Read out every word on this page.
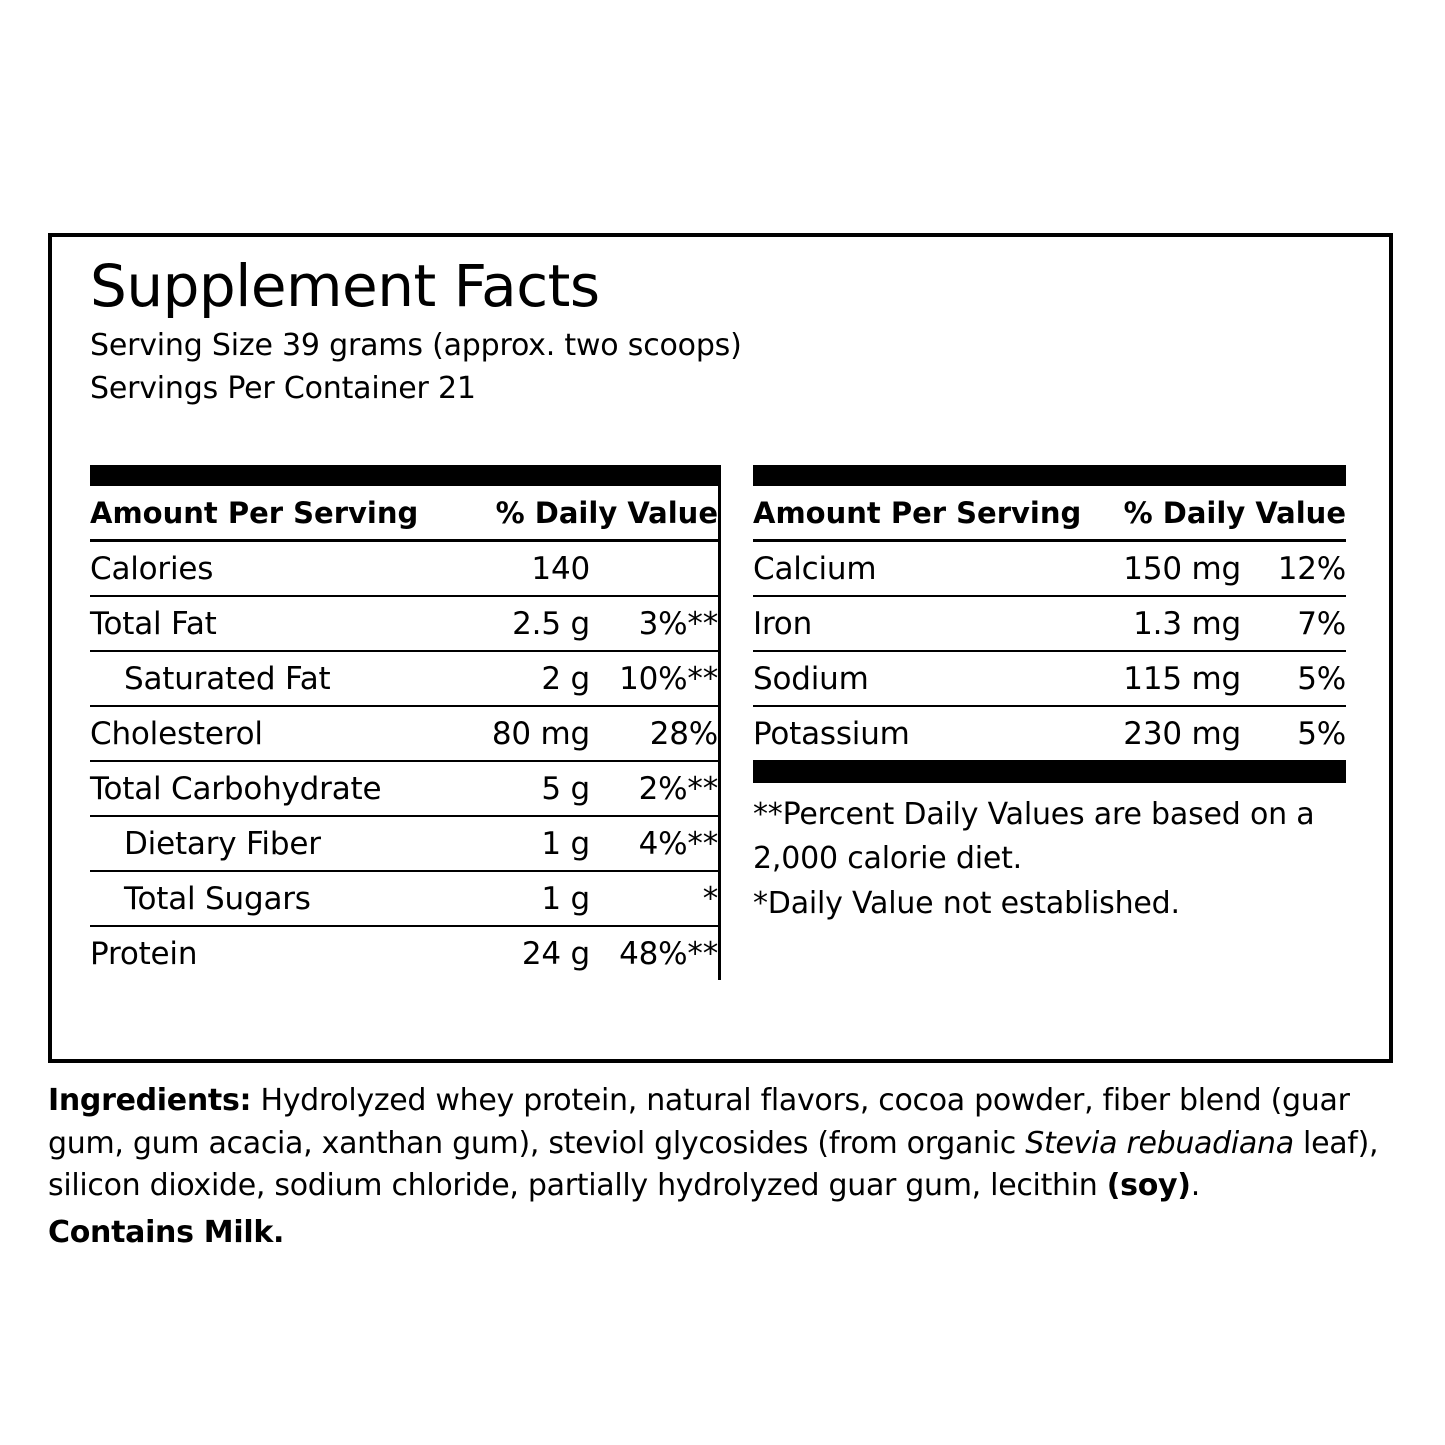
Supplement Facts
Serving Size 39 grams (approx. two scoops)
Servings Per Container 21
Amount Per Serving	% Daily Value
Calories	140
Total Fat	2.5 g	3%**
Saturated Fat	2 g 10%**
Cholesterol	80 mg	28%
Total Carbohydrate	5 g	2%**
Dietary Fiber	1 g	4%**
Total Sugars	1 g	*
Protein	24 g 48%**
Amount Per Serving	% Daily Value
Calcium	150 mg	12%
Iron	1.3 mg	7%
Sodium	115 mg	5%
Potassium	230 mg	5%
**Percent Daily Values are based on a 2,000 calorie diet.
*Daily Value not established.
Ingredients: Hydrolyzed whey protein, natural flavors, cocoa powder, fiber blend (guar gum, gum acacia, xanthan gum), steviol glycosides (from organic Stevia rebuadiana leaf), silicon dioxide, sodium chloride, partially hydrolyzed guar gum, lecithin (soy).
Contains Milk.
